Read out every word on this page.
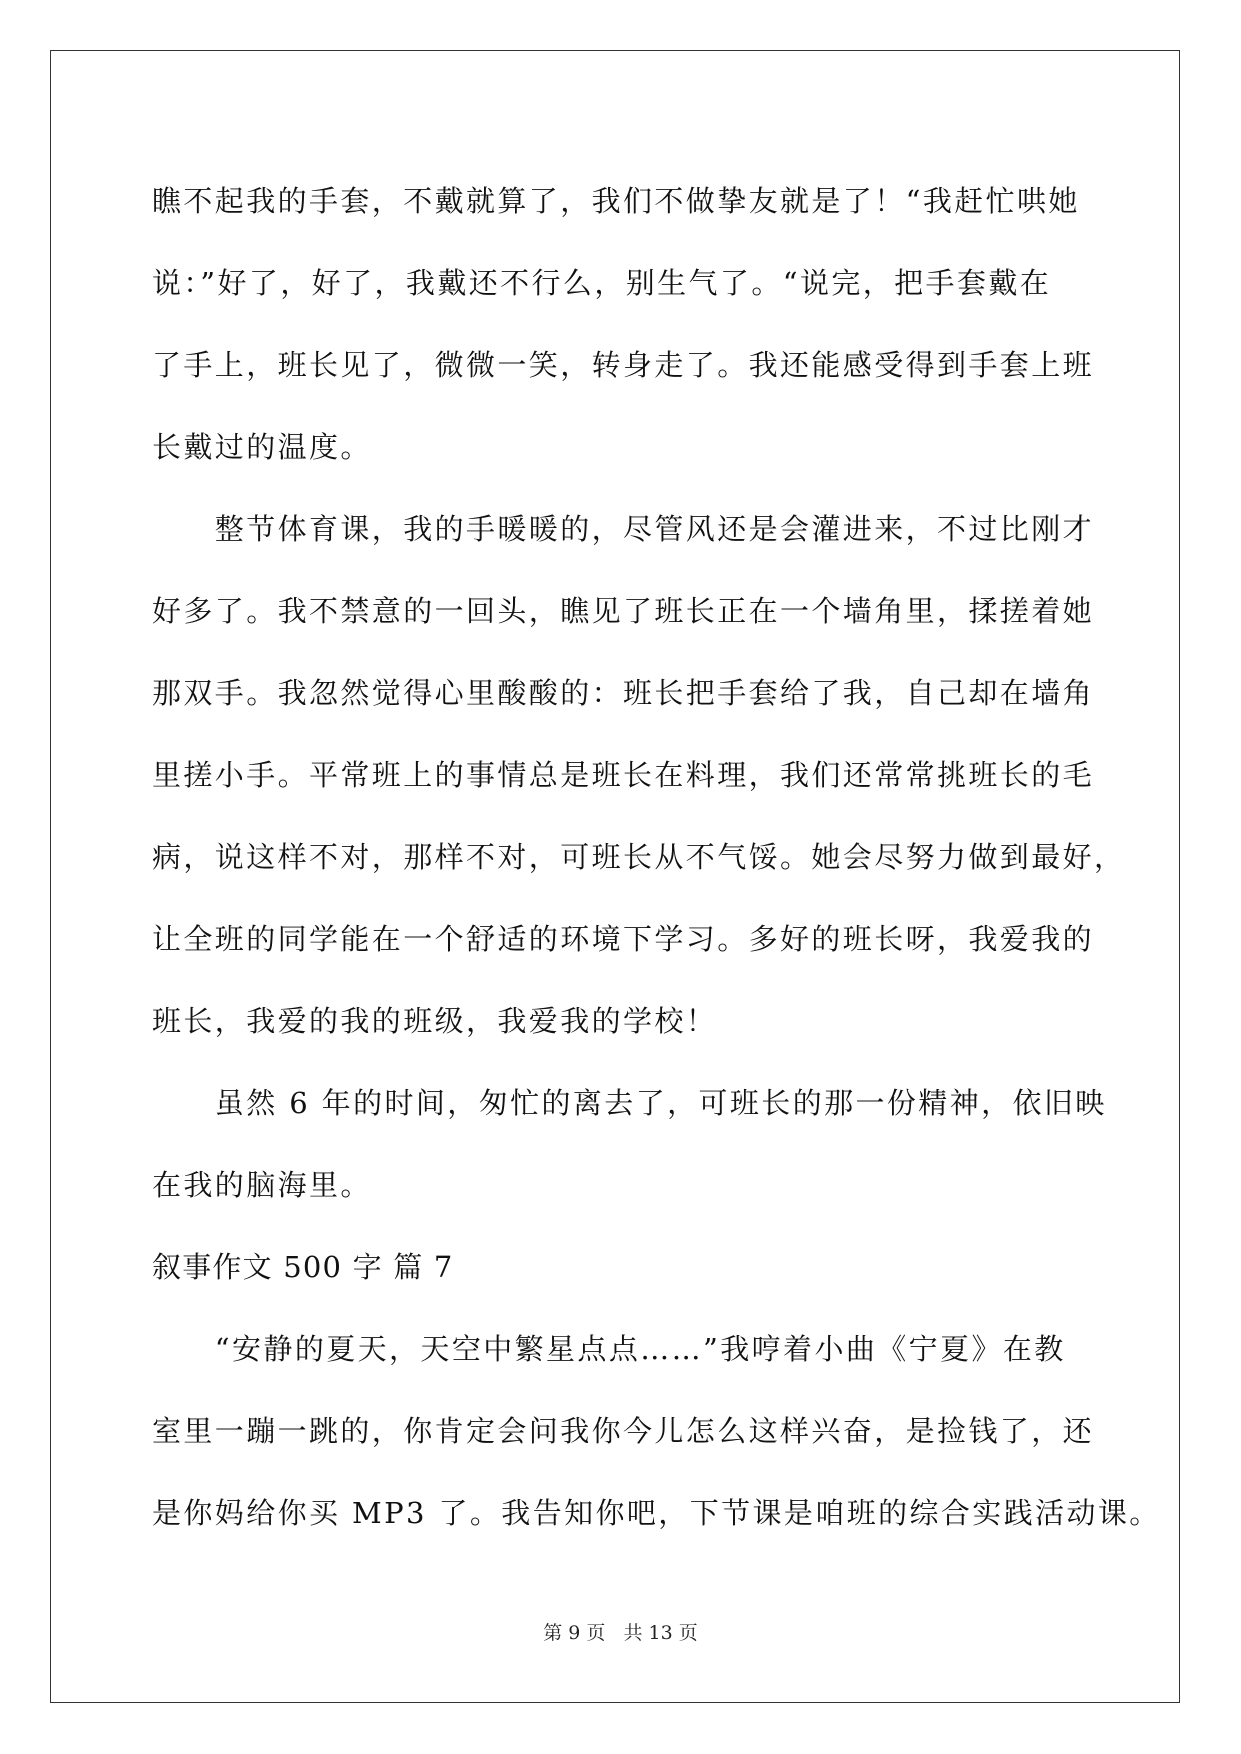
瞧不起我的手套，不戴就算了，我们不做挚友就是了！“我赶忙哄她
说：”好了，好了，我戴还不行么，别生气了。“说完，把手套戴在
了手上，班长见了，微微一笑，转身走了。我还能感受得到手套上班
长戴过的温度。
　　整节体育课，我的手暖暖的，尽管风还是会灌进来，不过比刚才
好多了。我不禁意的一回头，瞧见了班长正在一个墙角里，揉搓着她
那双手。我忽然觉得心里酸酸的：班长把手套给了我，自己却在墙角
里搓小手。平常班上的事情总是班长在料理，我们还常常挑班长的毛
病，说这样不对，那样不对，可班长从不气馁。她会尽努力做到最好，
让全班的同学能在一个舒适的环境下学习。多好的班长呀，我爱我的
班长，我爱的我的班级，我爱我的学校！
　　虽然 6 年的时间，匆忙的离去了，可班长的那一份精神，依旧映
在我的脑海里。
叙事作文 500 字 篇 7
　　“安静的夏天，天空中繁星点点……”我哼着小曲《宁夏》在教
室里一蹦一跳的，你肯定会问我你今儿怎么这样兴奋，是捡钱了，还
是你妈给你买 MP3 了。我告知你吧，下节课是咱班的综合实践活动课。
第 9 页   共 13 页
